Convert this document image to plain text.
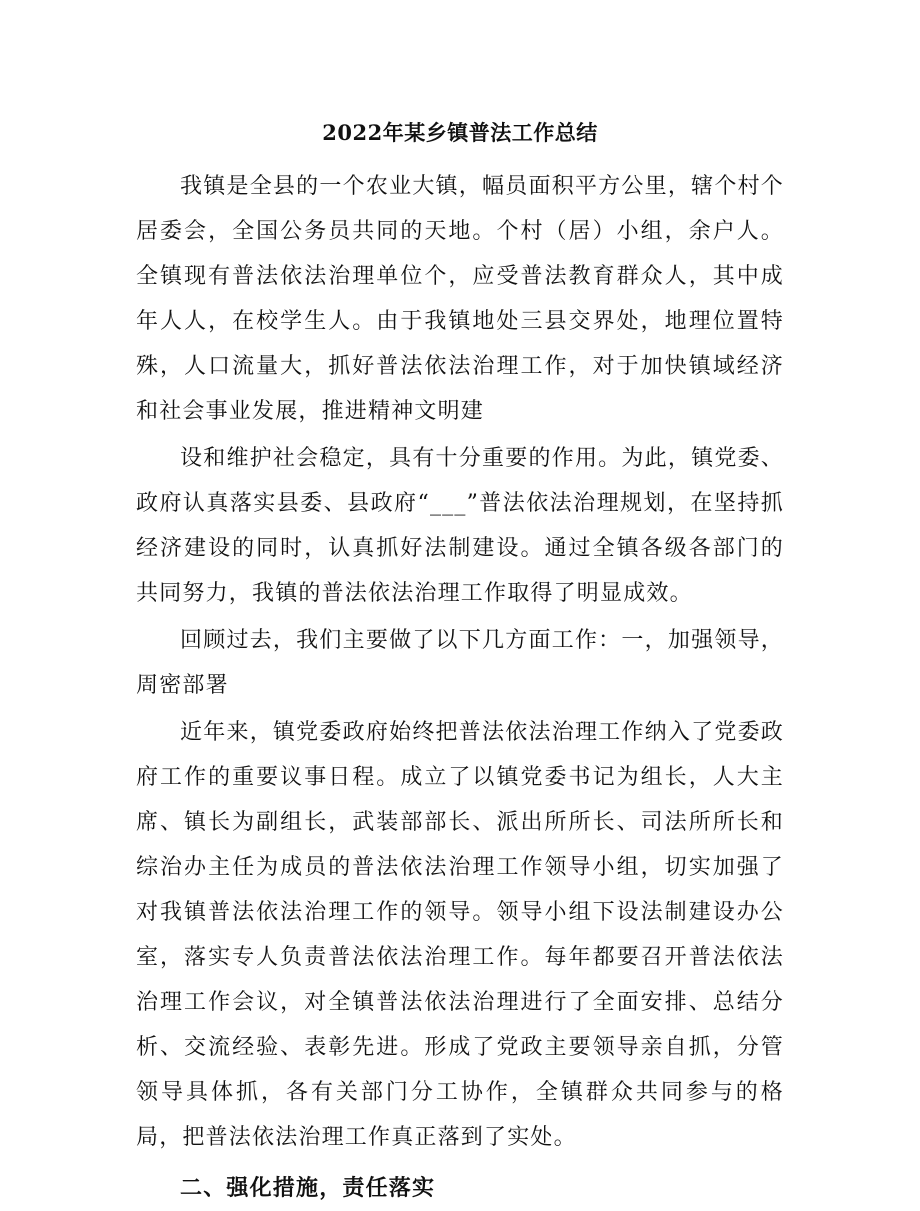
2022年某乡镇普法工作总结

我镇是全县的一个农业大镇，幅员面积平方公里，辖个村个居委会，全国公务员共同的天地。个村（居）小组，余户人。全镇现有普法依法治理单位个，应受普法教育群众人，其中成年人人，在校学生人。由于我镇地处三县交界处，地理位置特殊，人口流量大，抓好普法依法治理工作，对于加快镇域经济和社会事业发展，推进精神文明建

设和维护社会稳定，具有十分重要的作用。为此，镇党委、政府认真落实县委、县政府“___”普法依法治理规划，在坚持抓经济建设的同时，认真抓好法制建设。通过全镇各级各部门的共同努力，我镇的普法依法治理工作取得了明显成效。

回顾过去，我们主要做了以下几方面工作：一，加强领导，周密部署

近年来，镇党委政府始终把普法依法治理工作纳入了党委政府工作的重要议事日程。成立了以镇党委书记为组长，人大主席、镇长为副组长，武装部部长、派出所所长、司法所所长和综治办主任为成员的普法依法治理工作领导小组，切实加强了对我镇普法依法治理工作的领导。领导小组下设法制建设办公室，落实专人负责普法依法治理工作。每年都要召开普法依法治理工作会议，对全镇普法依法治理进行了全面安排、总结分析、交流经验、表彰先进。形成了党政主要领导亲自抓，分管领导具体抓，各有关部门分工协作，全镇群众共同参与的格局，把普法依法治理工作真正落到了实处。

二、强化措施，责任落实
